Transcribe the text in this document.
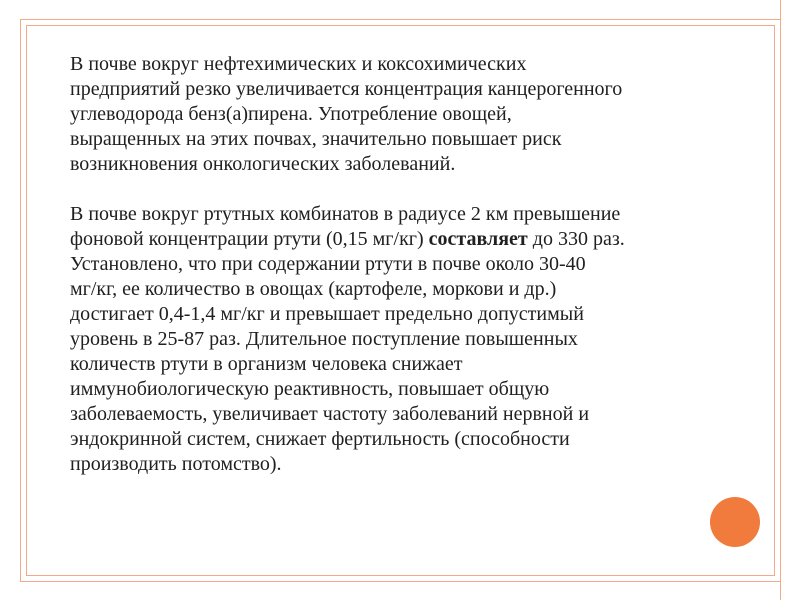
В почве вокруг нефтехимических и коксохимических
предприятий резко увеличивается концентрация канцерогенного
углеводорода бенз(а)пирена. Употребление овощей,
выращенных на этих почвах, значительно повышает риск
возникновения онкологических заболеваний.

В почве вокруг ртутных комбинатов в радиусе 2 км превышение
фоновой концентрации ртути (0,15 мг/кг) составляет до 330 раз.
Установлено, что при содержании ртути в почве около 30-40
мг/кг, ее количество в овощах (картофеле, моркови и др.)
достигает 0,4-1,4 мг/кг и превышает предельно допустимый
уровень в 25-87 раз. Длительное поступление повышенных
количеств ртути в организм человека снижает
иммунобиологическую реактивность, повышает общую
заболеваемость, увеличивает частоту заболеваний нервной и
эндокринной систем, снижает фертильность (способности
производить потомство).
